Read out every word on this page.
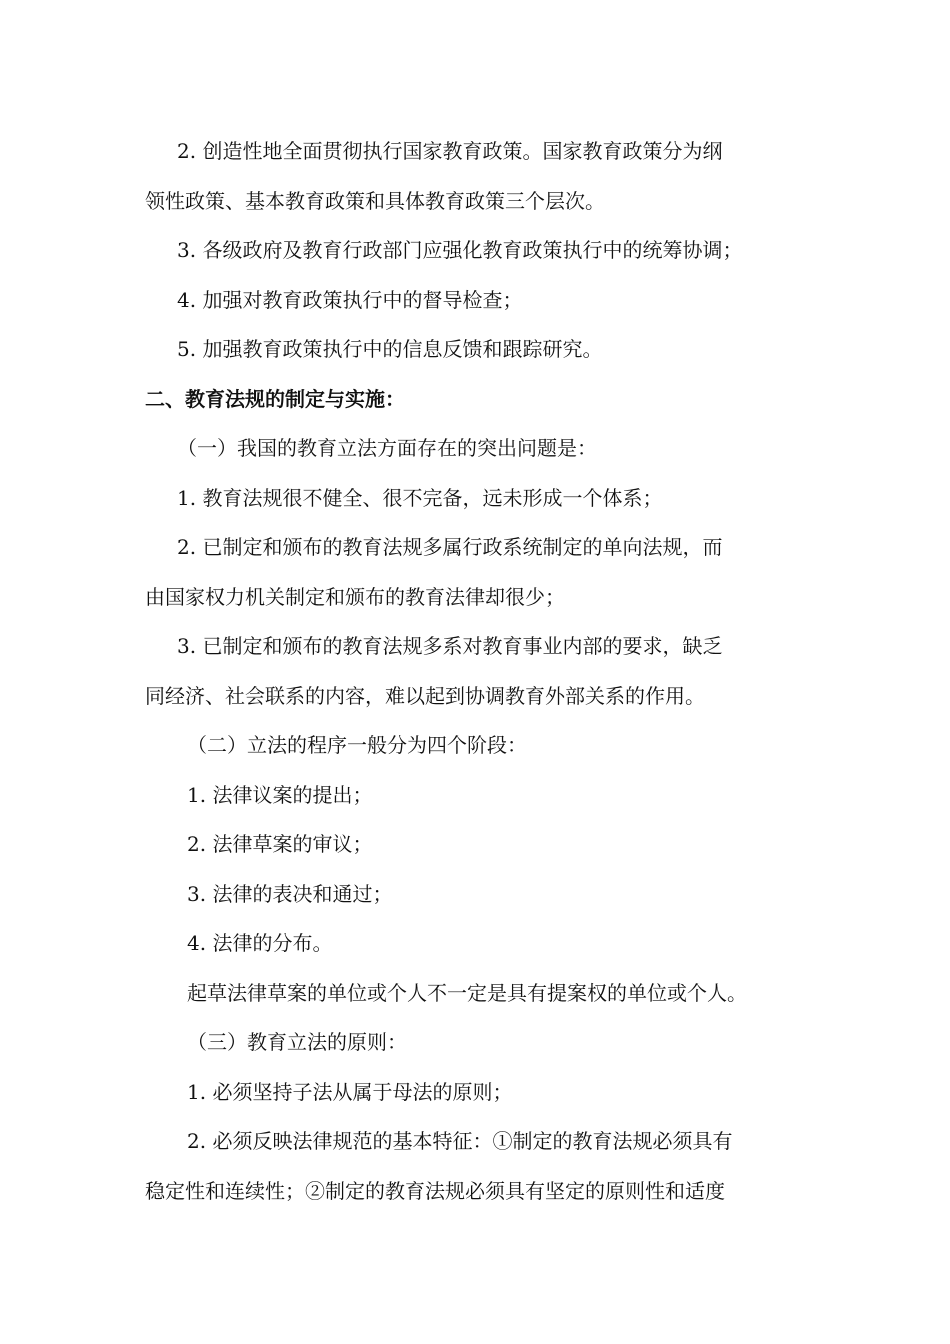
2. 创造性地全面贯彻执行国家教育政策。国家教育政策分为纲
领性政策、基本教育政策和具体教育政策三个层次。
3. 各级政府及教育行政部门应强化教育政策执行中的统筹协调；
4. 加强对教育政策执行中的督导检查；
5. 加强教育政策执行中的信息反馈和跟踪研究。
二、教育法规的制定与实施：
（一）我国的教育立法方面存在的突出问题是：
1. 教育法规很不健全、很不完备，远未形成一个体系；
2. 已制定和颁布的教育法规多属行政系统制定的单向法规，而
由国家权力机关制定和颁布的教育法律却很少；
3. 已制定和颁布的教育法规多系对教育事业内部的要求，缺乏
同经济、社会联系的内容，难以起到协调教育外部关系的作用。
（二）立法的程序一般分为四个阶段：
1. 法律议案的提出；
2. 法律草案的审议；
3. 法律的表决和通过；
4. 法律的分布。
起草法律草案的单位或个人不一定是具有提案权的单位或个人。
（三）教育立法的原则：
1. 必须坚持子法从属于母法的原则；
2. 必须反映法律规范的基本特征：①制定的教育法规必须具有
稳定性和连续性；②制定的教育法规必须具有坚定的原则性和适度
